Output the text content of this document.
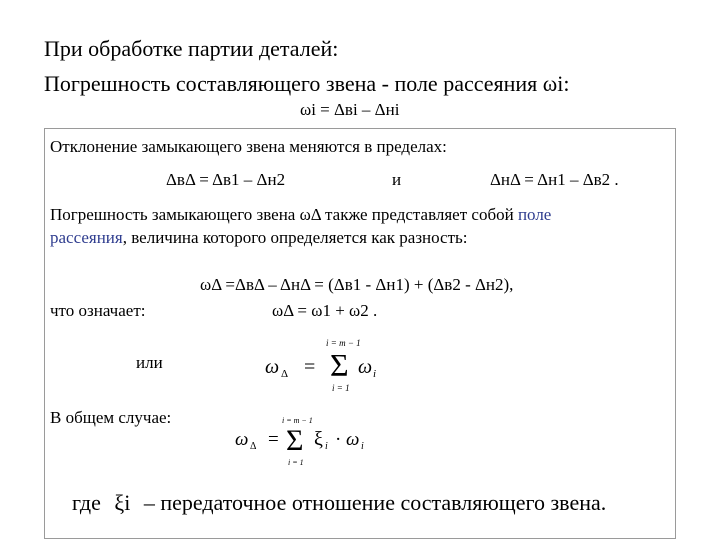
При обработке партии деталей:
Погрешность составляющего звена - поле рассеяния ωi:
ωi = Δвi – Δнi
Отклонение замыкающего звена меняются в пределах:
ΔвΔ = Δв1 – Δн2	и	ΔнΔ = Δн1 – Δв2 .
Погрешность замыкающего звена ωΔ также представляет собой поле
рассеяния, величина которого определяется как разность:
ωΔ =ΔвΔ – ΔнΔ = (Δв1 - Δн1) + (Δв2 - Δн2),
что означает:	ωΔ = ω1 + ω2 .
или	ω Δ =
i = m − 1
Σ
i = 1
ω i
В общем случае:
ω Δ =
i = m − 1
Σ
i = 1
ξ i · ω i
где ξi – передаточное отношение составляющего звена.
